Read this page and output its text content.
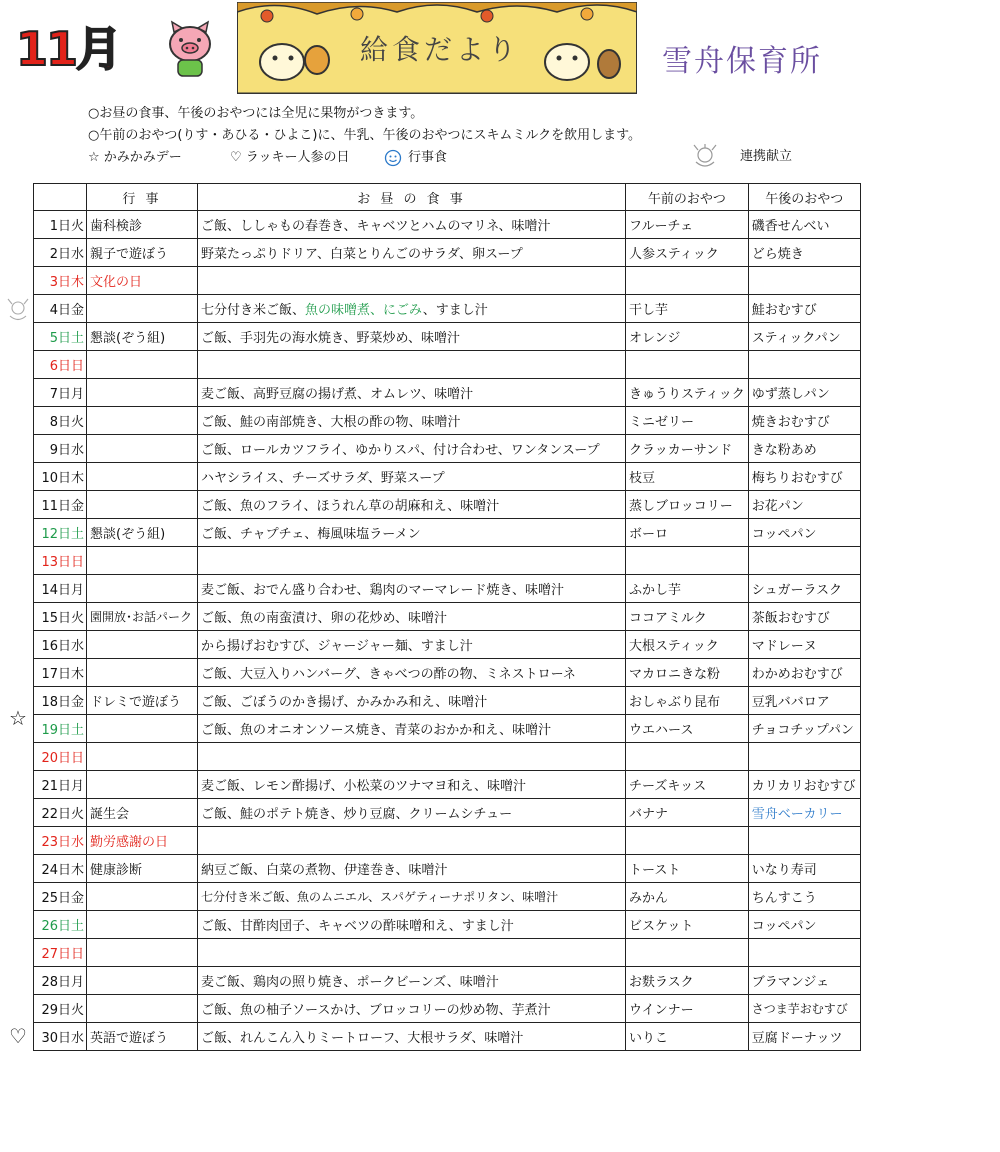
11月	給食だより	雪舟保育所
○お昼の食事、午後のおやつには全児に果物がつきます。
○午前のおやつ(りす・あひる・ひよこ)に、牛乳、午後のおやつにスキムミルクを飲用します。
☆ かみかみデー	♡ ラッキー人参の日	行事食	連携献立
☆
♡
	行 事	お 昼 の 食 事	午前のおやつ	午後のおやつ
1日火	歯科検診	ご飯、ししゃもの春巻き、キャベツとハムのマリネ、味噌汁	フルーチェ	磯香せんべい
2日水	親子で遊ぼう	野菜たっぷりドリア、白菜とりんごのサラダ、卵スープ	人参スティック	どら焼き
3日木	文化の日			
4日金		七分付き米ご飯、魚の味噌煮、にごみ、すまし汁	干し芋	鮭おむすび
5日土	懇談(ぞう組)	ご飯、手羽先の海水焼き、野菜炒め、味噌汁	オレンジ	スティックパン
6日日				
7日月		麦ご飯、高野豆腐の揚げ煮、オムレツ、味噌汁	きゅうりスティック	ゆず蒸しパン
8日火		ご飯、鮭の南部焼き、大根の酢の物、味噌汁	ミニゼリー	焼きおむすび
9日水		ご飯、ロールカツフライ、ゆかりスパ、付け合わせ、ワンタンスープ	クラッカーサンド	きな粉あめ
10日木		ハヤシライス、チーズサラダ、野菜スープ	枝豆	梅ちりおむすび
11日金		ご飯、魚のフライ、ほうれん草の胡麻和え、味噌汁	蒸しブロッコリー	お花パン
12日土	懇談(ぞう組)	ご飯、チャプチェ、梅風味塩ラーメン	ボーロ	コッペパン
13日日				
14日月		麦ご飯、おでん盛り合わせ、鶏肉のマーマレード焼き、味噌汁	ふかし芋	シュガーラスク
15日火	園開放･お話パーク	ご飯、魚の南蛮漬け、卵の花炒め、味噌汁	ココアミルク	茶飯おむすび
16日水		から揚げおむすび、ジャージャー麺、すまし汁	大根スティック	マドレーヌ
17日木		ご飯、大豆入りハンバーグ、きゃべつの酢の物、ミネストローネ	マカロニきな粉	わかめおむすび
18日金	ドレミで遊ぼう	ご飯、ごぼうのかき揚げ、かみかみ和え、味噌汁	おしゃぶり昆布	豆乳ババロア
19日土		ご飯、魚のオニオンソース焼き、青菜のおかか和え、味噌汁	ウエハース	チョコチップパン
20日日				
21日月		麦ご飯、レモン酢揚げ、小松菜のツナマヨ和え、味噌汁	チーズキッス	カリカリおむすび
22日火	誕生会	ご飯、鮭のポテト焼き、炒り豆腐、クリームシチュー	バナナ	雪舟ベーカリー
23日水	勤労感謝の日			
24日木	健康診断	納豆ご飯、白菜の煮物、伊達巻き、味噌汁	トースト	いなり寿司
25日金		七分付き米ご飯、魚のムニエル、スパゲティーナポリタン、味噌汁	みかん	ちんすこう
26日土		ご飯、甘酢肉団子、キャベツの酢味噌和え、すまし汁	ビスケット	コッペパン
27日日				
28日月		麦ご飯、鶏肉の照り焼き、ポークビーンズ、味噌汁	お麩ラスク	ブラマンジェ
29日火		ご飯、魚の柚子ソースかけ、ブロッコリーの炒め物、芋煮汁	ウインナー	さつま芋おむすび
30日水	英語で遊ぼう	ご飯、れんこん入りミートローフ、大根サラダ、味噌汁	いりこ	豆腐ドーナッツ
